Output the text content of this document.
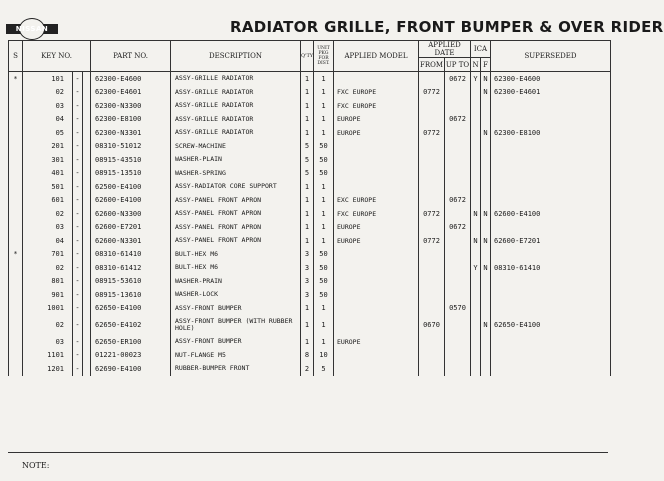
NISSAN	RADIATOR GRILLE, FRONT BUMPER & OVER RIDER
S	KEY NO.			PART NO.	DESCRIPTION	Q'TY	UNIT PKG FOR DIST.	APPLIED MODEL	APPLIED DATE		ICA		SUPERSEDED
									FROM	UP TO	N	F	
*	101	-		62300-E4600	ASSY-GRILLE RADIATOR	1	1			0672	Y	N	62300-E4600
	02	-		62300-E4601	ASSY-GRILLE RADIATOR	1	1	FXC EUROPE	0772			N	62300-E4601
	03	-		62300-N3300	ASSY-GRILLE RADIATOR	1	1	FXC EUROPE					
	04	-		62300-E8100	ASSY-GRILLE RADIATOR	1	1	EUROPE		0672			
	05	-		62300-N3301	ASSY-GRILLE RADIATOR	1	1	EUROPE	0772			N	62300-E8100
	201	-		08310-51012	SCREW-MACHINE	5	50						
	301	-		08915-43510	WASHER-PLAIN	5	50						
	401	-		08915-13510	WASHER-SPRING	5	50						
	501	-		62500-E4100	ASSY-RADIATOR CORE SUPPORT	1	1						
	601	-		62600-E4100	ASSY-PANEL FRONT APRON	1	1	EXC EUROPE		0672			
	02	-		62600-N3300	ASSY-PANEL FRONT APRON	1	1	FXC EUROPE	0772		N	N	62600-E4100
	03	-		62600-E7201	ASSY-PANEL FRONT APRON	1	1	EUROPE		0672			
	04	-		62600-N3301	ASSY-PANEL FRONT APRON	1	1	EUROPE	0772		N	N	62600-E7201
*	701	-		08310-61410	BULT-HEX M6	3	50						
	02	-		08310-61412	BULT-HEX M6	3	50				Y	N	08310-61410
	801	-		08915-53610	WASHER-PRAIN	3	50						
	901	-		08915-13610	WASHER-LOCK	3	50						
	1001	-		62650-E4100	ASSY-FRONT BUMPER	1	1			0570			
	02	-		62650-E4102	ASSY-FRONT BUMPER (WITH RUBBER HOLE)	1	1		0670			N	62650-E4100
	03	-		62650-ER100	ASSY-FRONT BUMPER	1	1	EUROPE					
	1101	-		01221-00023	NUT-FLANGE M5	8	10						
	1201	-		62690-E4100	RUBBER-BUMPER FRONT	2	5						
NOTE:
